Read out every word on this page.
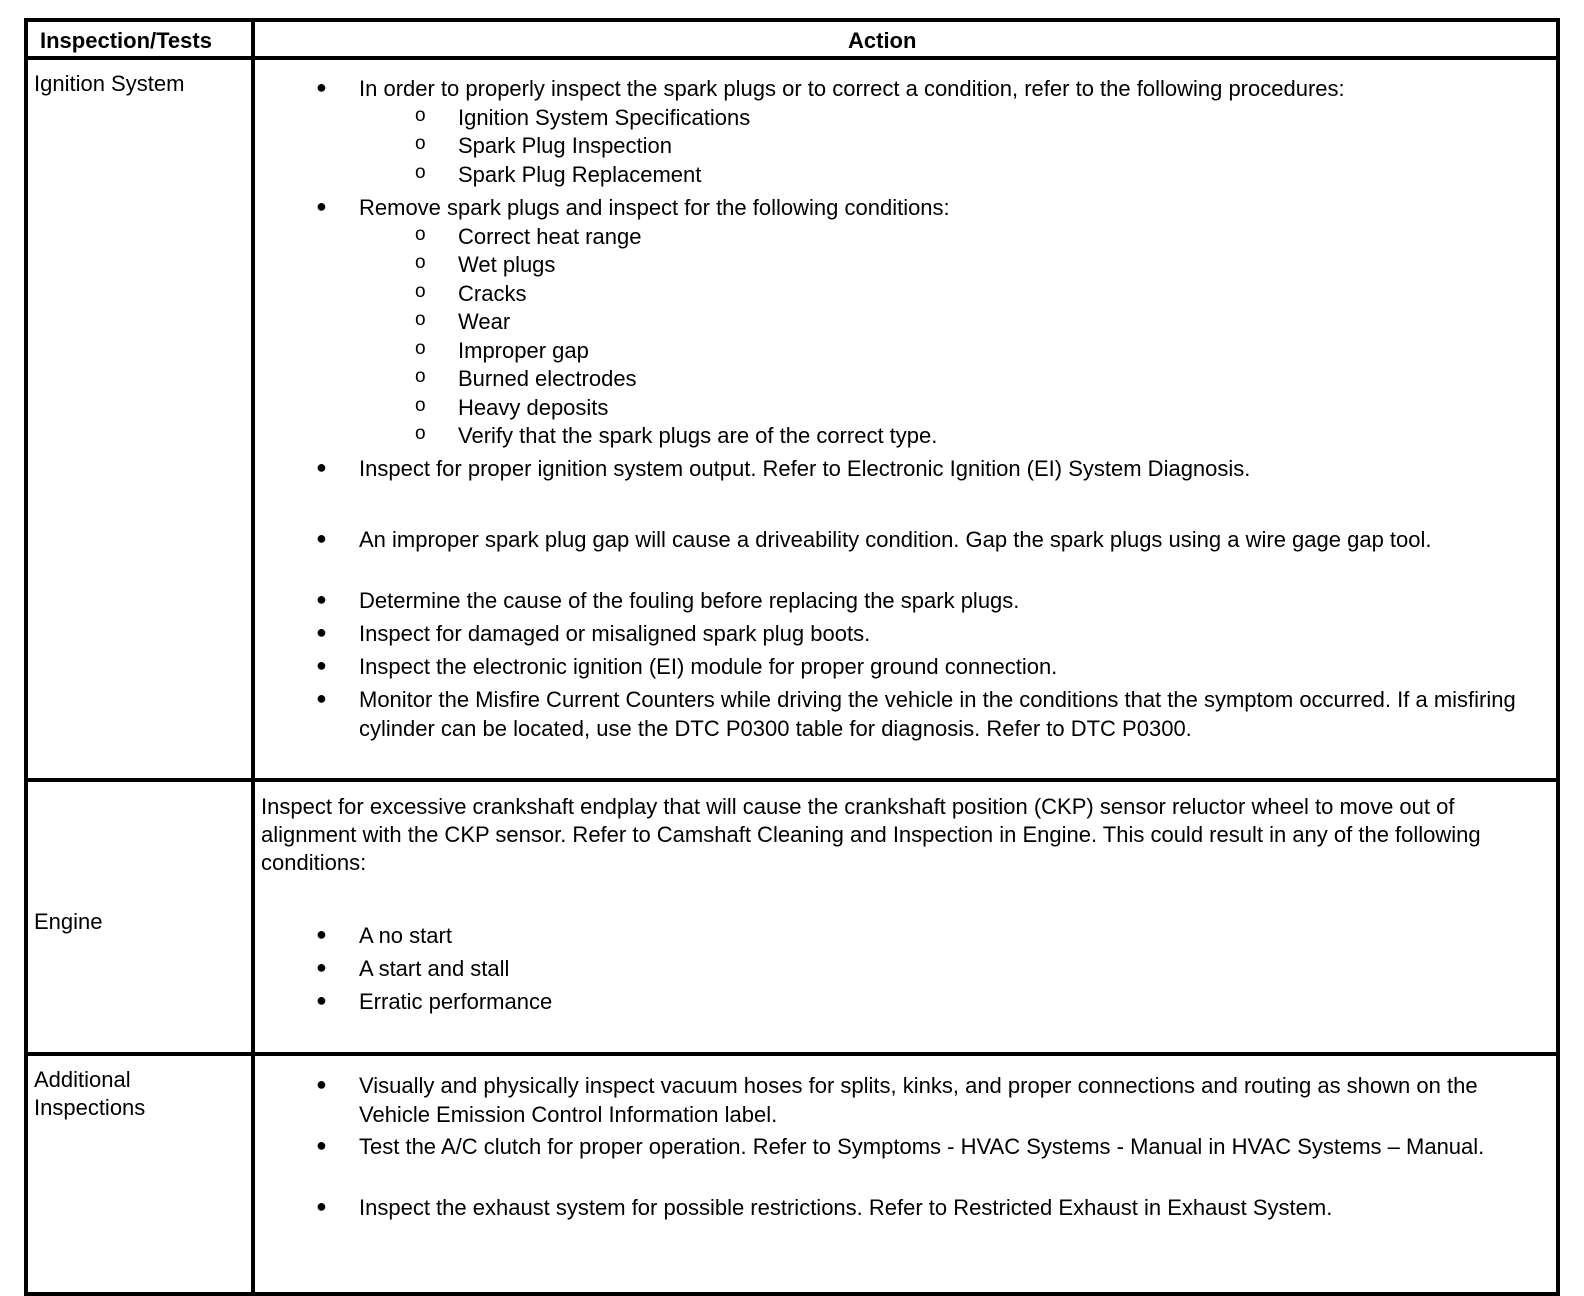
Inspection/Tests	Action
Ignition System	● In order to properly inspect the spark plugs or to correct a condition, refer to the following procedures:
o Ignition System Specifications
o Spark Plug Inspection
o Spark Plug Replacement
● Remove spark plugs and inspect for the following conditions:
o Correct heat range
o Wet plugs
o Cracks
o Wear
o Improper gap
o Burned electrodes
o Heavy deposits
o Verify that the spark plugs are of the correct type.
● Inspect for proper ignition system output. Refer to Electronic Ignition (EI) System Diagnosis.
● An improper spark plug gap will cause a driveability condition. Gap the spark plugs using a wire gage gap tool.
● Determine the cause of the fouling before replacing the spark plugs.
● Inspect for damaged or misaligned spark plug boots.
● Inspect the electronic ignition (EI) module for proper ground connection.
● Monitor the Misfire Current Counters while driving the vehicle in the conditions that the symptom occurred. If a misfiring cylinder can be located, use the DTC P0300 table for diagnosis. Refer to DTC P0300.
Engine
Inspect for excessive crankshaft endplay that will cause the crankshaft position (CKP) sensor reluctor wheel to move out of alignment with the CKP sensor. Refer to Camshaft Cleaning and Inspection in Engine. This could result in any of the following conditions:
● A no start
● A start and stall
● Erratic performance
Additional
Inspections
● Visually and physically inspect vacuum hoses for splits, kinks, and proper connections and routing as shown on the Vehicle Emission Control Information label.
● Test the A/C clutch for proper operation. Refer to Symptoms - HVAC Systems - Manual in HVAC Systems – Manual.
● Inspect the exhaust system for possible restrictions. Refer to Restricted Exhaust in Exhaust System.
